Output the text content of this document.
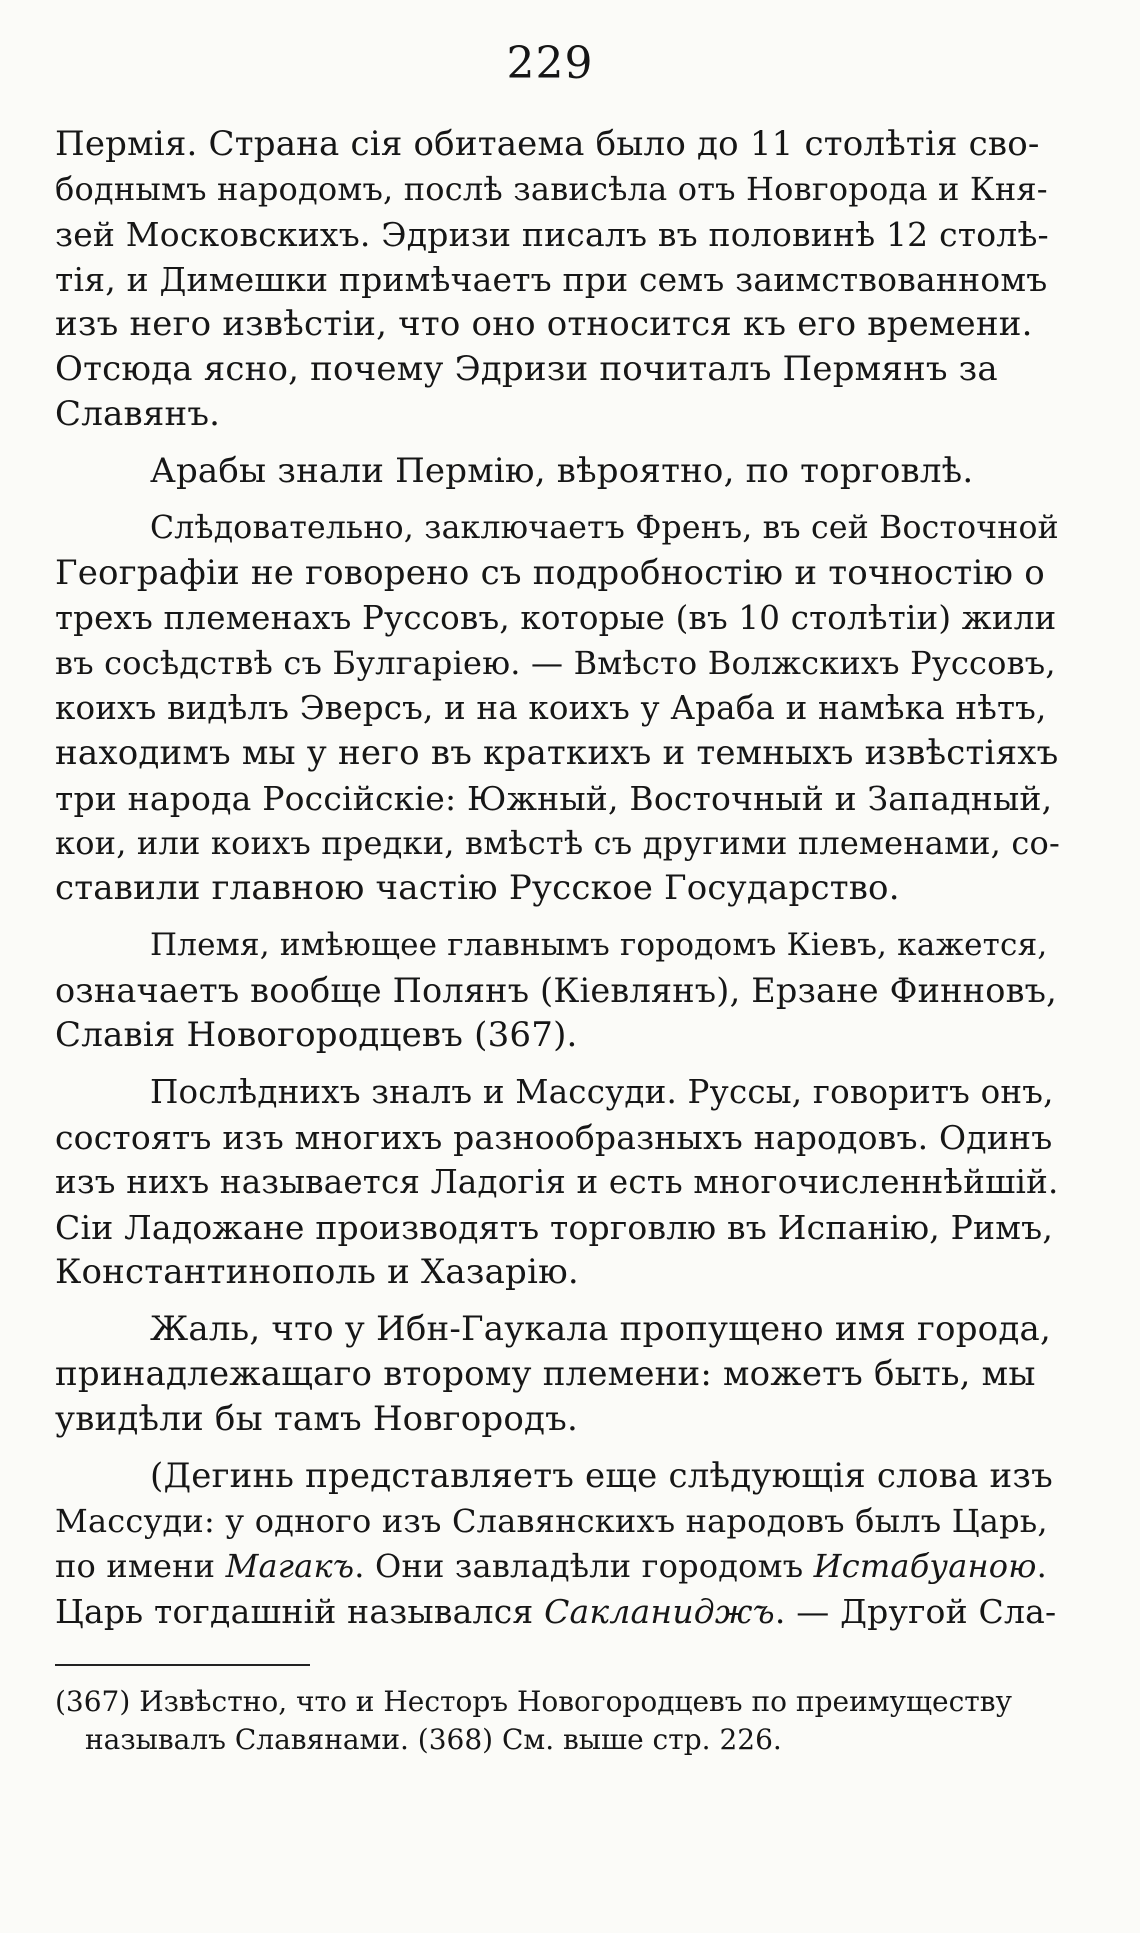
229
Пермія. Страна сія обитаема было до 11 столѣтія сво-
боднымъ народомъ, послѣ зависѣла отъ Новгорода и Кня-
зей Московскихъ. Эдризи писалъ въ половинѣ 12 столѣ-
тія, и Димешки примѣчаетъ при семъ заимствованномъ
изъ него извѣстіи, что оно относится къ его времени.
Отсюда ясно, почему Эдризи почиталъ Пермянъ за
Славянъ.
Арабы знали Пермію, вѣроятно, по торговлѣ.
Слѣдовательно, заключаетъ Френъ, въ сей Восточной
Географіи не говорено съ подробностію и точностію о
трехъ племенахъ Руссовъ, которые (въ 10 столѣтіи) жили
въ сосѣдствѣ съ Булгаріею. — Вмѣсто Волжскихъ Руссовъ,
коихъ видѣлъ Эверсъ, и на коихъ у Араба и намѣка нѣтъ,
находимъ мы у него въ краткихъ и темныхъ извѣстіяхъ
три народа Россійскіе: Южный, Восточный и Западный,
кои, или коихъ предки, вмѣстѣ съ другими племенами, со-
ставили главною частію Русское Государство.
Племя, имѣющее главнымъ городомъ Кіевъ, кажется,
означаетъ вообще Полянъ (Кіевлянъ), Ерзане Финновъ,
Славія Новогородцевъ (367).
Послѣднихъ зналъ и Массуди. Руссы, говоритъ онъ,
состоятъ изъ многихъ разнообразныхъ народовъ. Одинъ
изъ нихъ называется Ладогія и есть многочисленнѣйшій.
Сіи Ладожане производятъ торговлю въ Испанію, Римъ,
Константинополь и Хазарію.
Жаль, что у Ибн-Гаукала пропущено имя города,
принадлежащаго второму племени: можетъ быть, мы
увидѣли бы тамъ Новгородъ.
(Дегинь представляетъ еще слѣдующія слова изъ
Массуди: у одного изъ Славянскихъ народовъ былъ Царь,
по имени Магакъ. Они завладѣли городомъ Истабуаною.
Царь тогдашній назывался Сакланиджъ. — Другой Сла-
(367) Извѣстно, что и Несторъ Новогородцевъ по преимуществу
называлъ Славянами. (368) См. выше стр. 226.
